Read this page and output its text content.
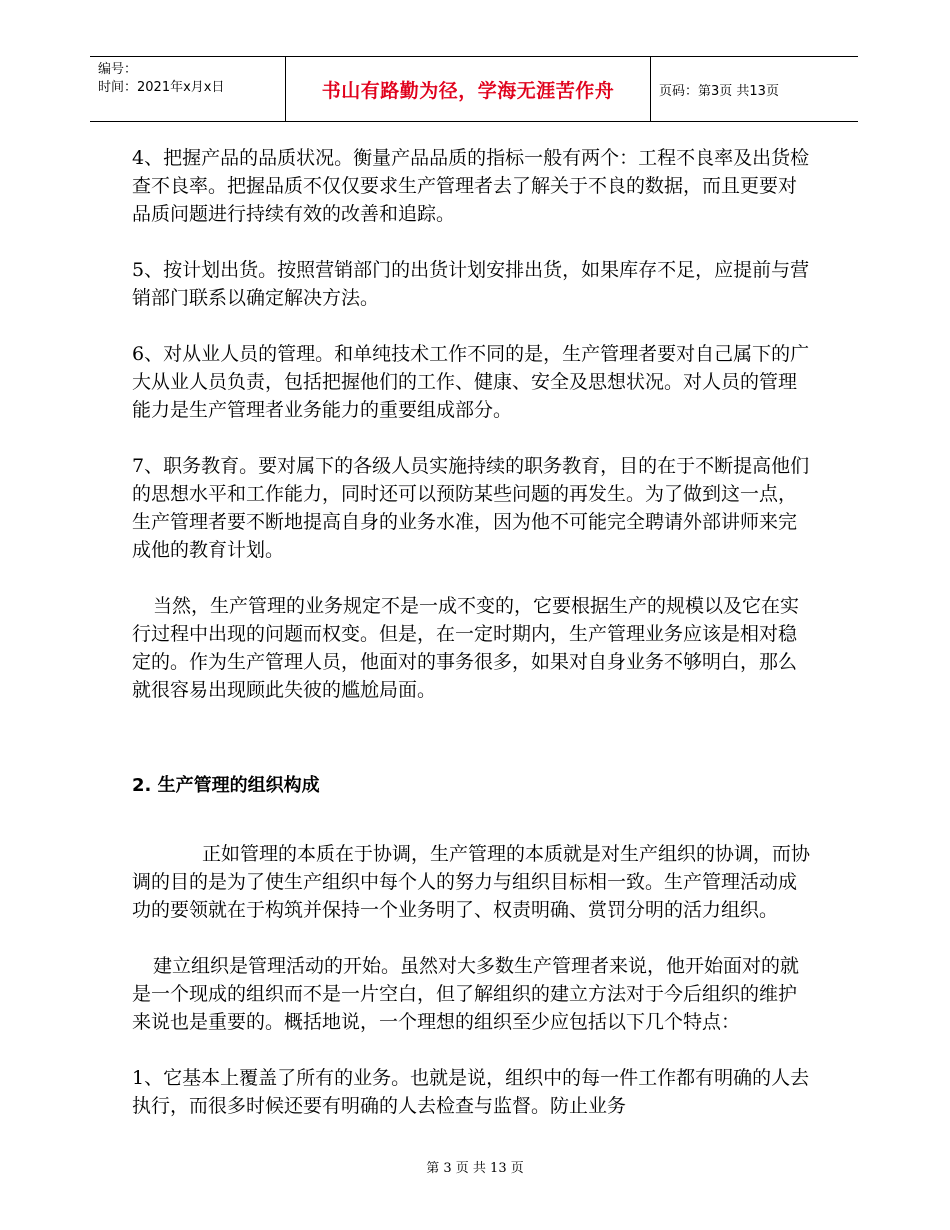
编号：
时间：2021年x月x日	书山有路勤为径，学海无涯苦作舟	页码：第3页 共13页

4、把握产品的品质状况。衡量产品品质的指标一般有两个：工程不良率及出货检查不良率。把握品质不仅仅要求生产管理者去了解关于不良的数据，而且更要对品质问题进行持续有效的改善和追踪。

5、按计划出货。按照营销部门的出货计划安排出货，如果库存不足，应提前与营销部门联系以确定解决方法。

6、对从业人员的管理。和单纯技术工作不同的是，生产管理者要对自己属下的广大从业人员负责，包括把握他们的工作、健康、安全及思想状况。对人员的管理能力是生产管理者业务能力的重要组成部分。

7、职务教育。要对属下的各级人员实施持续的职务教育，目的在于不断提高他们的思想水平和工作能力，同时还可以预防某些问题的再发生。为了做到这一点，生产管理者要不断地提高自身的业务水准，因为他不可能完全聘请外部讲师来完成他的教育计划。

当然，生产管理的业务规定不是一成不变的，它要根据生产的规模以及它在实行过程中出现的问题而权变。但是，在一定时期内，生产管理业务应该是相对稳定的。作为生产管理人员，他面对的事务很多，如果对自身业务不够明白，那么就很容易出现顾此失彼的尴尬局面。

2. 生产管理的组织构成

正如管理的本质在于协调，生产管理的本质就是对生产组织的协调，而协调的目的是为了使生产组织中每个人的努力与组织目标相一致。生产管理活动成功的要领就在于构筑并保持一个业务明了、权责明确、赏罚分明的活力组织。

建立组织是管理活动的开始。虽然对大多数生产管理者来说，他开始面对的就是一个现成的组织而不是一片空白，但了解组织的建立方法对于今后组织的维护来说也是重要的。概括地说，一个理想的组织至少应包括以下几个特点：

1、它基本上覆盖了所有的业务。也就是说，组织中的每一件工作都有明确的人去执行，而很多时候还要有明确的人去检查与监督。防止业务

第 3 页 共 13 页
